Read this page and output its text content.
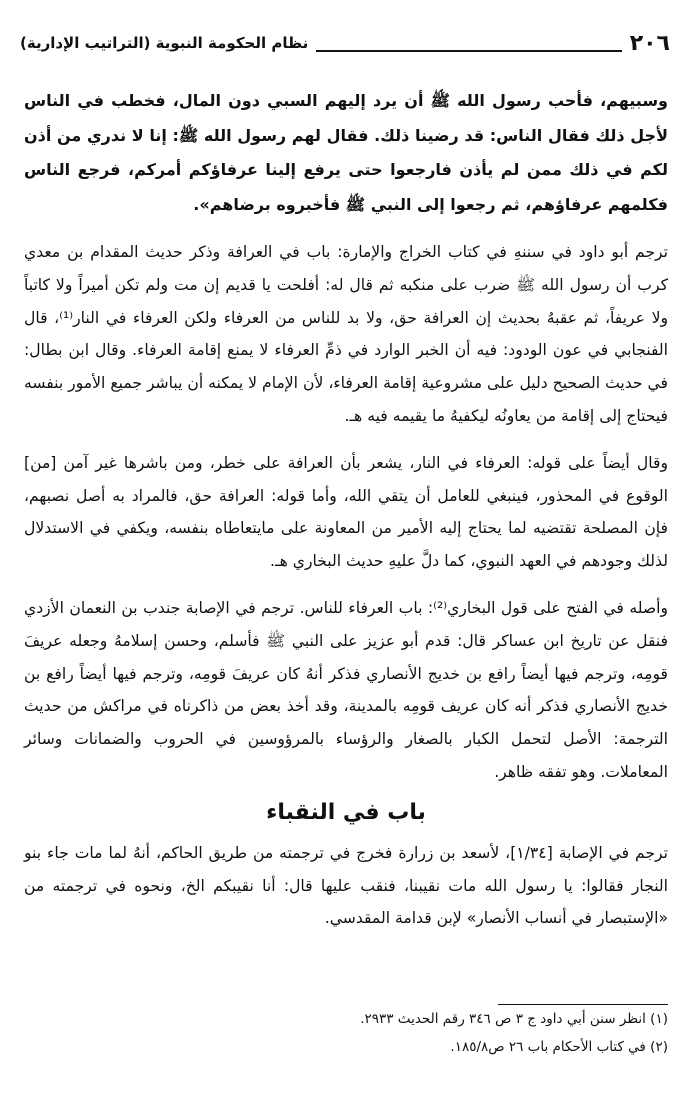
٢٠٦
نظام الحكومة النبوية (التراتيب الإدارية)

وسبيهم، فأحب رسول الله ﷺ أن يرد إليهم السبي دون المال، فخطب في الناس لأجل ذلك فقال الناس: قد رضينا ذلك. فقال لهم رسول الله ﷺ: إنا لا ندري من أذن لكم في ذلك ممن لم يأذن فارجعوا حتى يرفع إلينا عرفاؤكم أمركم، فرجع الناس فكلمهم عرفاؤهم، ثم رجعوا إلى النبي ﷺ فأخبروه برضاهم».

ترجم أبو داود في سننهِ في كتاب الخراج والإمارة: باب في العرافة وذكر حديث المقدام بن معدي كرب أن رسول الله ﷺ ضرب على منكبه ثم قال له: أفلحت يا قديم إن مت ولم تكن أميراً ولا كاتباً ولا عريفاً، ثم عقبهُ بحديث إن العرافة حق، ولا بد للناس من العرفاء ولكن العرفاء في النار⁽¹⁾، قال الفنجابي في عون الودود: فيه أن الخبر الوارد في ذمِّ العرفاء لا يمنع إقامة العرفاء. وقال ابن بطال: في حديث الصحيح دليل على مشروعية إقامة العرفاء، لأن الإمام لا يمكنه أن يباشر جميع الأمور بنفسه فيحتاج إلى إقامة من يعاونُه ليكفيهُ ما يقيمه فيه هـ.

وقال أيضاً على قوله: العرفاء في النار، يشعر بأن العرافة على خطر، ومن باشرها غير آمن [من] الوقوع في المحذور، فينبغي للعامل أن يتقي الله، وأما قوله: العرافة حق، فالمراد به أصل نصبهم، فإن المصلحة تقتضيه لما يحتاج إليه الأمير من المعاونة على مايتعاطاه بنفسه، ويكفي في الاستدلال لذلك وجودهم في العهد النبوي، كما دلَّ عليهِ حديث البخاري هـ.

وأصله في الفتح على قول البخاري⁽²⁾: باب العرفاء للناس. ترجم في الإصابة جندب بن النعمان الأزدي فنقل عن تاريخ ابن عساكر قال: قدم أبو عزيز على النبي ﷺ فأسلم، وحسن إسلامهُ وجعله عريفَ قومِه، وترجم فيها أيضاً رافع بن خديج الأنصاري فذكر أنهُ كان عريفَ قومِه، وترجم فيها أيضاً رافع بن خديج الأنصاري فذكر أنه كان عريف قومِه بالمدينة، وقد أخذ بعض من ذاكرناه في مراكش من حديث الترجمة: الأصل لتحمل الكبار بالصغار والرؤساء بالمرؤوسين في الحروب والضمانات وسائر المعاملات. وهو تفقه ظاهر.

باب في النقباء

ترجم في الإصابة [١/٣٤]، لأسعد بن زرارة فخرج في ترجمته من طريق الحاكم، أنهُ لما مات جاء بنو النجار فقالوا: يا رسول الله مات نقيبنا، فنقب عليها قال: أنا نقيبكم الخ، ونحوه في ترجمته من «الإستبصار في أنساب الأنصار» لإبن قدامة المقدسي.

(١) انظر سنن أبي داود ج ٣ ص ٣٤٦ رقم الحديث ٢٩٣٣.

(٢) في كتاب الأحكام باب ٢٦ ص١٨٥/٨.
